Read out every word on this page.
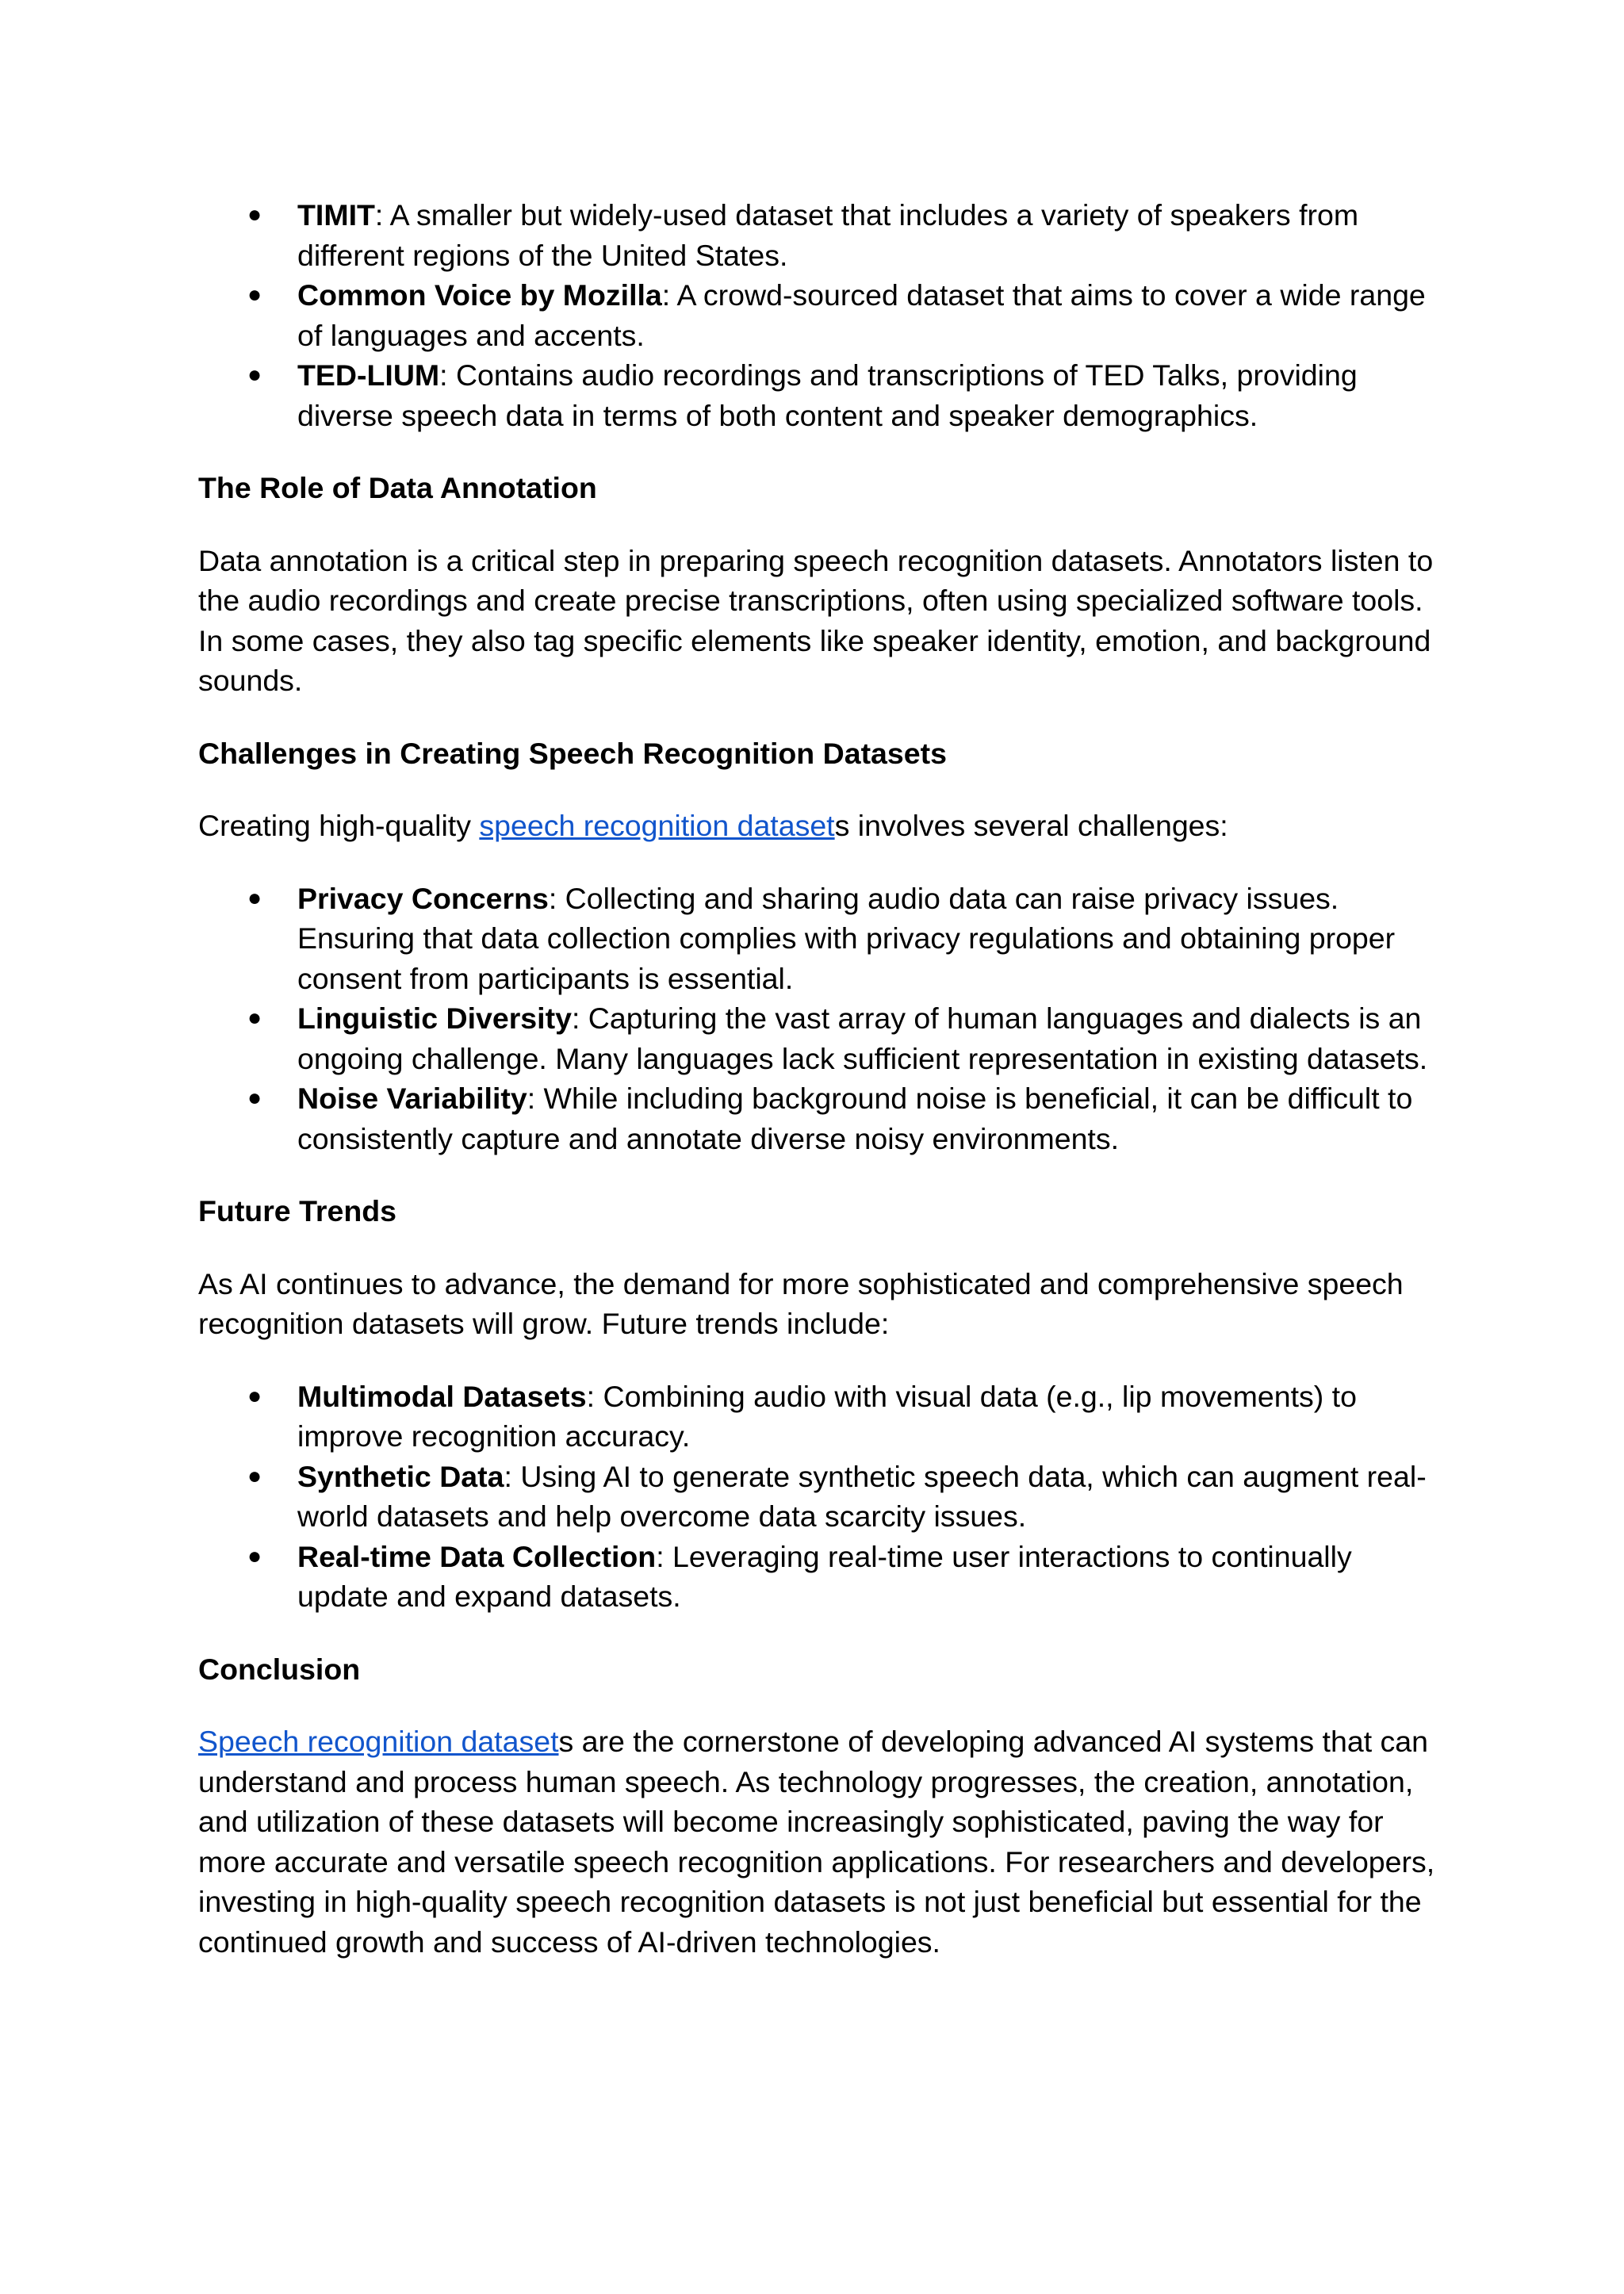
● TIMIT: A smaller but widely-used dataset that includes a variety of speakers from different regions of the United States.
● Common Voice by Mozilla: A crowd-sourced dataset that aims to cover a wide range of languages and accents.
● TED-LIUM: Contains audio recordings and transcriptions of TED Talks, providing diverse speech data in terms of both content and speaker demographics.
The Role of Data Annotation

Data annotation is a critical step in preparing speech recognition datasets. Annotators listen to the audio recordings and create precise transcriptions, often using specialized software tools. In some cases, they also tag specific elements like speaker identity, emotion, and background sounds.

Challenges in Creating Speech Recognition Datasets

Creating high-quality speech recognition datasets involves several challenges:

● Privacy Concerns: Collecting and sharing audio data can raise privacy issues. Ensuring that data collection complies with privacy regulations and obtaining proper consent from participants is essential.
● Linguistic Diversity: Capturing the vast array of human languages and dialects is an ongoing challenge. Many languages lack sufficient representation in existing datasets.
● Noise Variability: While including background noise is beneficial, it can be difficult to consistently capture and annotate diverse noisy environments.
Future Trends

As AI continues to advance, the demand for more sophisticated and comprehensive speech recognition datasets will grow. Future trends include:

● Multimodal Datasets: Combining audio with visual data (e.g., lip movements) to improve recognition accuracy.
● Synthetic Data: Using AI to generate synthetic speech data, which can augment real-world datasets and help overcome data scarcity issues.
● Real-time Data Collection: Leveraging real-time user interactions to continually update and expand datasets.
Conclusion

Speech recognition datasets are the cornerstone of developing advanced AI systems that can understand and process human speech. As technology progresses, the creation, annotation, and utilization of these datasets will become increasingly sophisticated, paving the way for more accurate and versatile speech recognition applications. For researchers and developers, investing in high-quality speech recognition datasets is not just beneficial but essential for the continued growth and success of AI-driven technologies.
